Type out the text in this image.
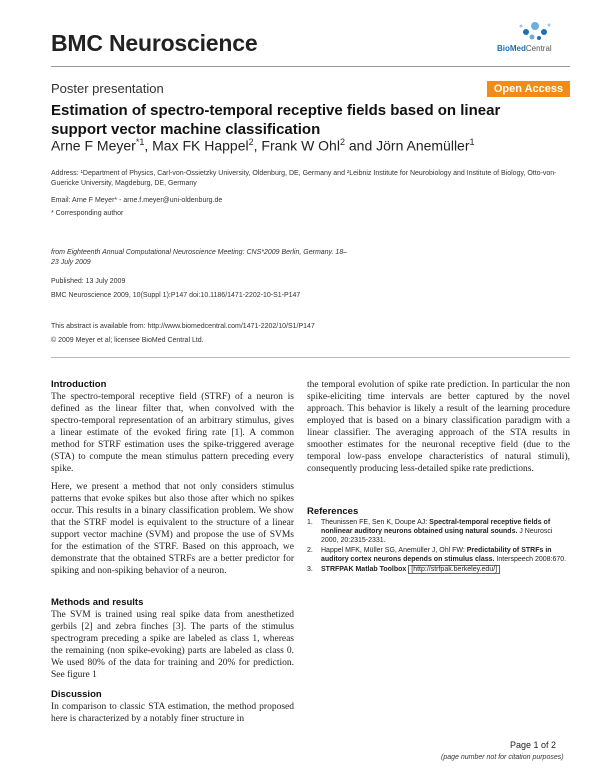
BMC Neuroscience	BioMedCentral
Poster presentation	Open Access
Estimation of spectro-temporal receptive fields based on linear support vector machine classification
Arne F Meyer$^{*1}$, Max FK Happel$^2$, Frank W Ohl$^2$ and Jörn Anemüller$^1$
Address: ¹Department of Physics, Carl-von-Ossietzky University, Oldenburg, DE, Germany and ²Leibniz Institute for Neurobiology and Institute of Biology, Otto-von-Guericke University, Magdeburg, DE, Germany
Email: Arne F Meyer* - arne.f.meyer@uni-oldenburg.de
* Corresponding author
from Eighteenth Annual Computational Neuroscience Meeting: CNS*2009 Berlin, Germany. 18–23 July 2009
Published: 13 July 2009
BMC Neuroscience 2009, 10(Suppl 1):P147 doi:10.1186/1471-2202-10-S1-P147
This abstract is available from: http://www.biomedcentral.com/1471-2202/10/S1/P147
© 2009 Meyer et al; licensee BioMed Central Ltd.
Introduction
The spectro-temporal receptive field (STRF) of a neuron is defined as the linear filter that, when convolved with the spectro-temporal representation of an arbitrary stimulus, gives a linear estimate of the evoked firing rate [1]. A common method for STRF estimation uses the spike-triggered average (STA) to compute the mean stimulus pattern preceding every spike.
Here, we present a method that not only considers stimulus patterns that evoke spikes but also those after which no spikes occur. This results in a binary classification problem. We show that the STRF model is equivalent to the structure of a linear support vector machine (SVM) and propose the use of SVMs for the estimation of the STRF. Based on this approach, we demonstrate that the obtained STRFs are a better predictor for spiking and non-spiking behavior of a neuron.
Methods and results
The SVM is trained using real spike data from anesthetized gerbils [2] and zebra finches [3]. The parts of the stimulus spectrogram preceding a spike are labeled as class 1, whereas the remaining (non spike-evoking) parts are labeled as class 0. We used 80% of the data for training and 20% for prediction. See figure 1
Discussion
In comparison to classic STA estimation, the method proposed here is characterized by a notably finer structure in
the temporal evolution of spike rate prediction. In particular the non spike-eliciting time intervals are better captured by the novel approach. This behavior is likely a result of the learning procedure employed that is based on a binary classification paradigm with a linear classifier. The averaging approach of the STA results in smoother estimates for the neuronal receptive field (due to the temporal low-pass envelope characteristics of natural stimuli), consequently producing less-detailed spike rate predictions.
References
1.	Theunissen FE, Sen K, Doupe AJ: Spectral-temporal receptive fields of nonlinear auditory neurons obtained using natural sounds. J Neurosci 2000, 20:2315-2331.
2.	Happel MFK, Müller SG, Anemüller J, Ohl FW: Predictability of STRFs in auditory cortex neurons depends on stimulus class. Interspeech 2008:670.
3.	STRFPAK Matlab Toolbox [http://strfpak.berkeley.edu/]
Page 1 of 2
(page number not for citation purposes)
